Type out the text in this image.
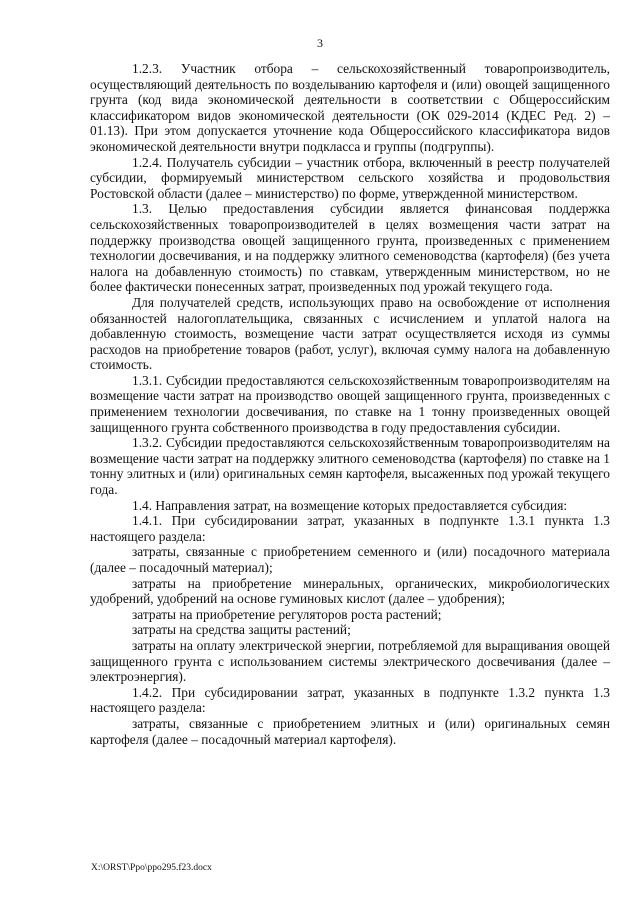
3

1.2.3. Участник отбора – сельскохозяйственный товаропроизводитель, осуществляющий деятельность по возделыванию картофеля и (или) овощей защищенного грунта (код вида экономической деятельности в соответствии с Общероссийским классификатором видов экономической деятельности (ОК 029-2014 (КДЕС Ред. 2) – 01.13). При этом допускается уточнение кода Общероссийского классификатора видов экономической деятельности внутри подкласса и группы (подгруппы).

1.2.4. Получатель субсидии – участник отбора, включенный в реестр получателей субсидии, формируемый министерством сельского хозяйства и продовольствия Ростовской области (далее – министерство) по форме, утвержденной министерством.

1.3. Целью предоставления субсидии является финансовая поддержка сельскохозяйственных товаропроизводителей в целях возмещения части затрат на поддержку производства овощей защищенного грунта, произведенных с применением технологии досвечивания, и на поддержку элитного семеноводства (картофеля) (без учета налога на добавленную стоимость) по ставкам, утвержденным министерством, но не более фактически понесенных затрат, произведенных под урожай текущего года.

Для получателей средств, использующих право на освобождение от исполнения обязанностей налогоплательщика, связанных с исчислением и уплатой налога на добавленную стоимость, возмещение части затрат осуществляется исходя из суммы расходов на приобретение товаров (работ, услуг), включая сумму налога на добавленную стоимость.

1.3.1. Субсидии предоставляются сельскохозяйственным товаропроизводителям на возмещение части затрат на производство овощей защищенного грунта, произведенных с применением технологии досвечивания, по ставке на 1 тонну произведенных овощей защищенного грунта собственного производства в году предоставления субсидии.

1.3.2. Субсидии предоставляются сельскохозяйственным товаропроизводителям на возмещение части затрат на поддержку элитного семеноводства (картофеля) по ставке на 1 тонну элитных и (или) оригинальных семян картофеля, высаженных под урожай текущего года.

1.4. Направления затрат, на возмещение которых предоставляется субсидия:

1.4.1. При субсидировании затрат, указанных в подпункте 1.3.1 пункта 1.3 настоящего раздела:

затраты, связанные с приобретением семенного и (или) посадочного материала (далее – посадочный материал);

затраты на приобретение минеральных, органических, микробиологических удобрений, удобрений на основе гуминовых кислот (далее – удобрения);

затраты на приобретение регуляторов роста растений;

затраты на средства защиты растений;

затраты на оплату электрической энергии, потребляемой для выращивания овощей защищенного грунта с использованием системы электрического досвечивания (далее – электроэнергия).

1.4.2. При субсидировании затрат, указанных в подпункте 1.3.2 пункта 1.3 настоящего раздела:

затраты, связанные с приобретением элитных и (или) оригинальных семян картофеля (далее – посадочный материал картофеля).

X:\ORST\Ppo\ppo295.f23.docx
